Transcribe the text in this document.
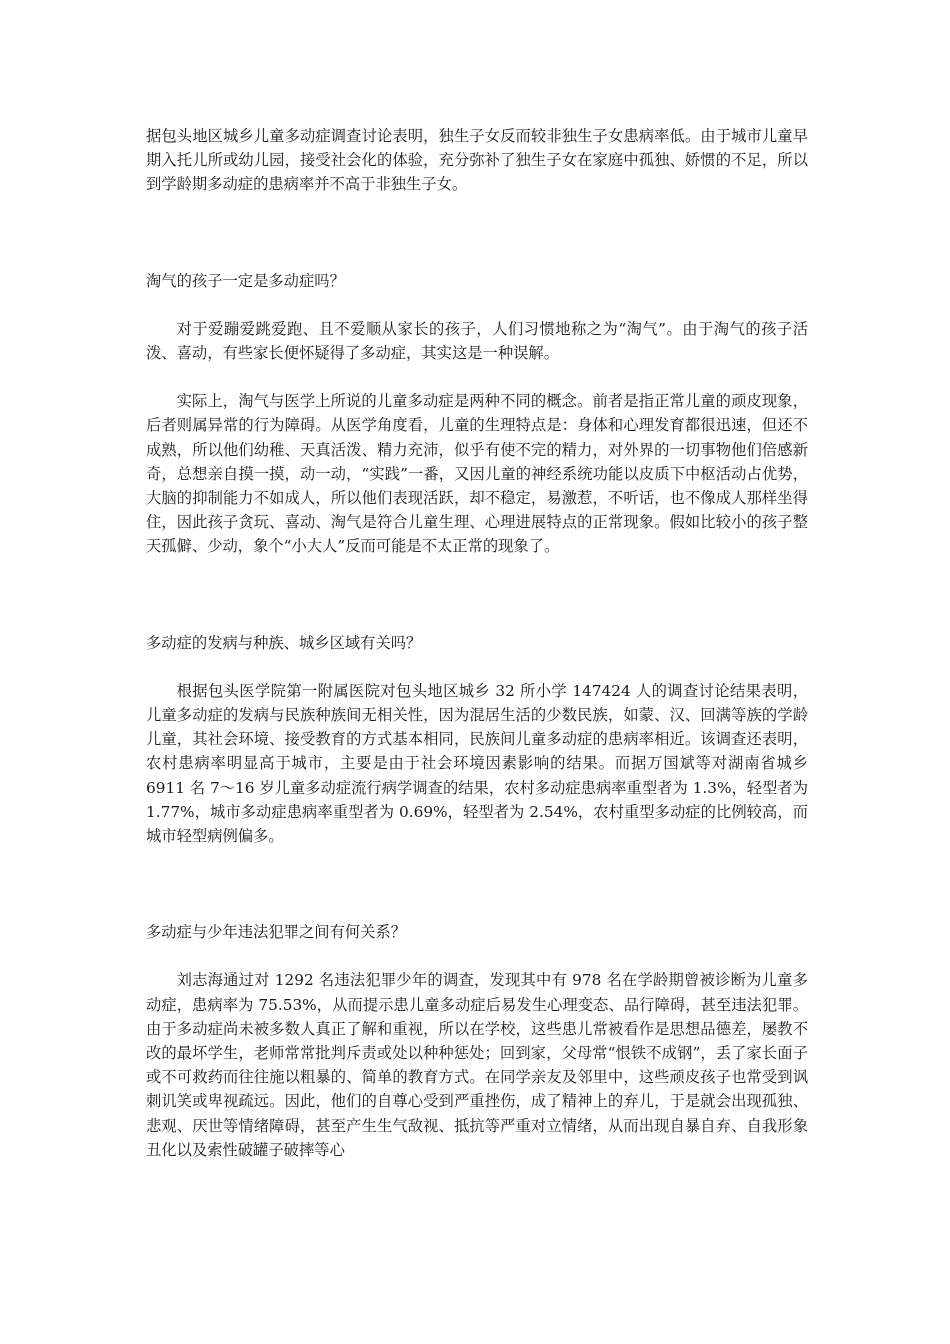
据包头地区城乡儿童多动症调查讨论表明，独生子女反而较非独生子女患病率低。由于城市儿童早期入托儿所或幼儿园，接受社会化的体验，充分弥补了独生子女在家庭中孤独、娇惯的不足，所以到学龄期多动症的患病率并不高于非独生子女。

淘气的孩子一定是多动症吗？

对于爱蹦爱跳爱跑、且不爱顺从家长的孩子，人们习惯地称之为“淘气”。由于淘气的孩子活泼、喜动，有些家长便怀疑得了多动症，其实这是一种误解。

实际上，淘气与医学上所说的儿童多动症是两种不同的概念。前者是指正常儿童的顽皮现象，后者则属异常的行为障碍。从医学角度看，儿童的生理特点是：身体和心理发育都很迅速，但还不成熟，所以他们幼稚、天真活泼、精力充沛，似乎有使不完的精力，对外界的一切事物他们倍感新奇，总想亲自摸一摸，动一动，“实践”一番，又因儿童的神经系统功能以皮质下中枢活动占优势，大脑的抑制能力不如成人，所以他们表现活跃，却不稳定，易激惹，不听话，也不像成人那样坐得住，因此孩子贪玩、喜动、淘气是符合儿童生理、心理进展特点的正常现象。假如比较小的孩子整天孤僻、少动，象个“小大人”反而可能是不太正常的现象了。

多动症的发病与种族、城乡区域有关吗？

根据包头医学院第一附属医院对包头地区城乡 32 所小学 147424 人的调查讨论结果表明，儿童多动症的发病与民族种族间无相关性，因为混居生活的少数民族，如蒙、汉、回满等族的学龄儿童，其社会环境、接受教育的方式基本相同，民族间儿童多动症的患病率相近。该调查还表明，农村患病率明显高于城市，主要是由于社会环境因素影响的结果。而据万国斌等对湖南省城乡 6911 名 7～16 岁儿童多动症流行病学调查的结果，农村多动症患病率重型者为 1.3%，轻型者为 1.77%，城市多动症患病率重型者为 0.69%，轻型者为 2.54%，农村重型多动症的比例较高，而城市轻型病例偏多。

多动症与少年违法犯罪之间有何关系？

刘志海通过对 1292 名违法犯罪少年的调查，发现其中有 978 名在学龄期曾被诊断为儿童多动症，患病率为 75.53%，从而提示患儿童多动症后易发生心理变态、品行障碍，甚至违法犯罪。由于多动症尚未被多数人真正了解和重视，所以在学校，这些患儿常被看作是思想品德差，屡教不改的最坏学生，老师常常批判斥责或处以种种惩处；回到家，父母常“恨铁不成钢”，丢了家长面子或不可救药而往往施以粗暴的、简单的教育方式。在同学亲友及邻里中，这些顽皮孩子也常受到讽刺讥笑或卑视疏远。因此，他们的自尊心受到严重挫伤，成了精神上的弃儿，于是就会出现孤独、悲观、厌世等情绪障碍，甚至产生生气敌视、抵抗等严重对立情绪，从而出现自暴自弃、自我形象丑化以及索性破罐子破摔等心
